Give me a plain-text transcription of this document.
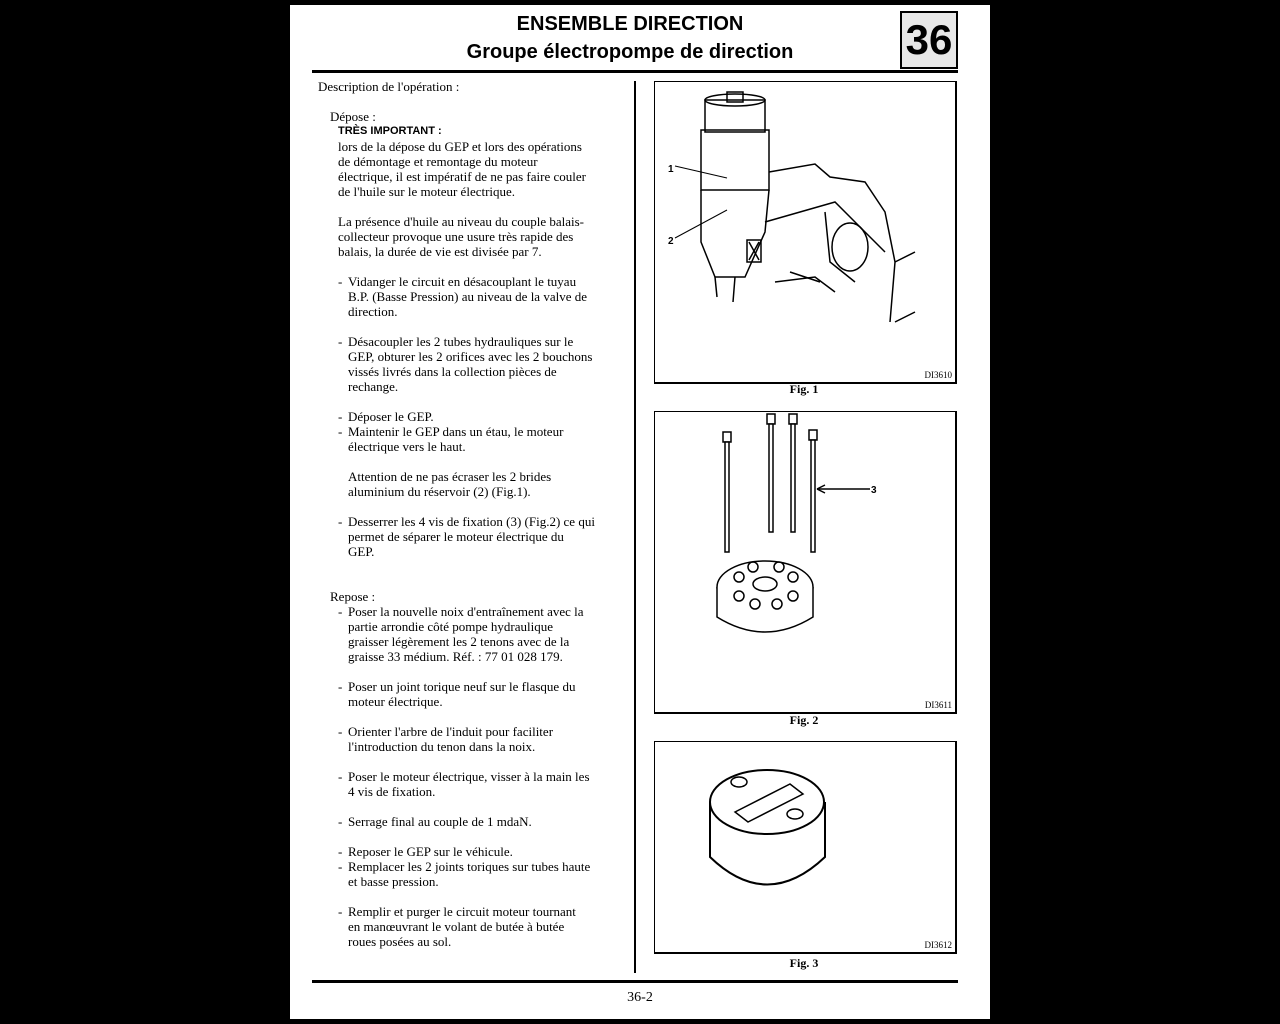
ENSEMBLE DIRECTION
Groupe électropompe de direction	36
Description de l'opération :
Dépose :
TRÈS IMPORTANT :
lors de la dépose du GEP et lors des opérations
de démontage et remontage du moteur
électrique, il est impératif de ne pas faire couler
de l'huile sur le moteur électrique.
La présence d'huile au niveau du couple balais-
collecteur provoque une usure très rapide des
balais, la durée de vie est divisée par 7.
- Vidanger le circuit en désacouplant le tuyau
B.P. (Basse Pression) au niveau de la valve de
direction.
- Désacoupler les 2 tubes hydrauliques sur le
GEP, obturer les 2 orifices avec les 2 bouchons
vissés livrés dans la collection pièces de
rechange.
- Déposer le GEP.
- Maintenir le GEP dans un étau, le moteur
électrique vers le haut.
Attention de ne pas écraser les 2 brides
aluminium du réservoir (2) (Fig.1).
- Desserrer les 4 vis de fixation (3) (Fig.2) ce qui
permet de séparer le moteur électrique du
GEP.
Repose :
- Poser la nouvelle noix d'entraînement avec la
partie arrondie côté pompe hydraulique
graisser légèrement les 2 tenons avec de la
graisse 33 médium. Réf. : 77 01 028 179.
- Poser un joint torique neuf sur le flasque du
moteur électrique.
- Orienter l'arbre de l'induit pour faciliter
l'introduction du tenon dans la noix.
- Poser le moteur électrique, visser à la main les
4 vis de fixation.
- Serrage final au couple de 1 mdaN.
- Reposer le GEP sur le véhicule.
- Remplacer les 2 joints toriques sur tubes haute
et basse pression.
- Remplir et purger le circuit moteur tournant
en manœuvrant le volant de butée à butée
roues posées au sol.
1
2
DI3610
Fig. 1
3
DI3611
Fig. 2
DI3612
Fig. 3
36-2
